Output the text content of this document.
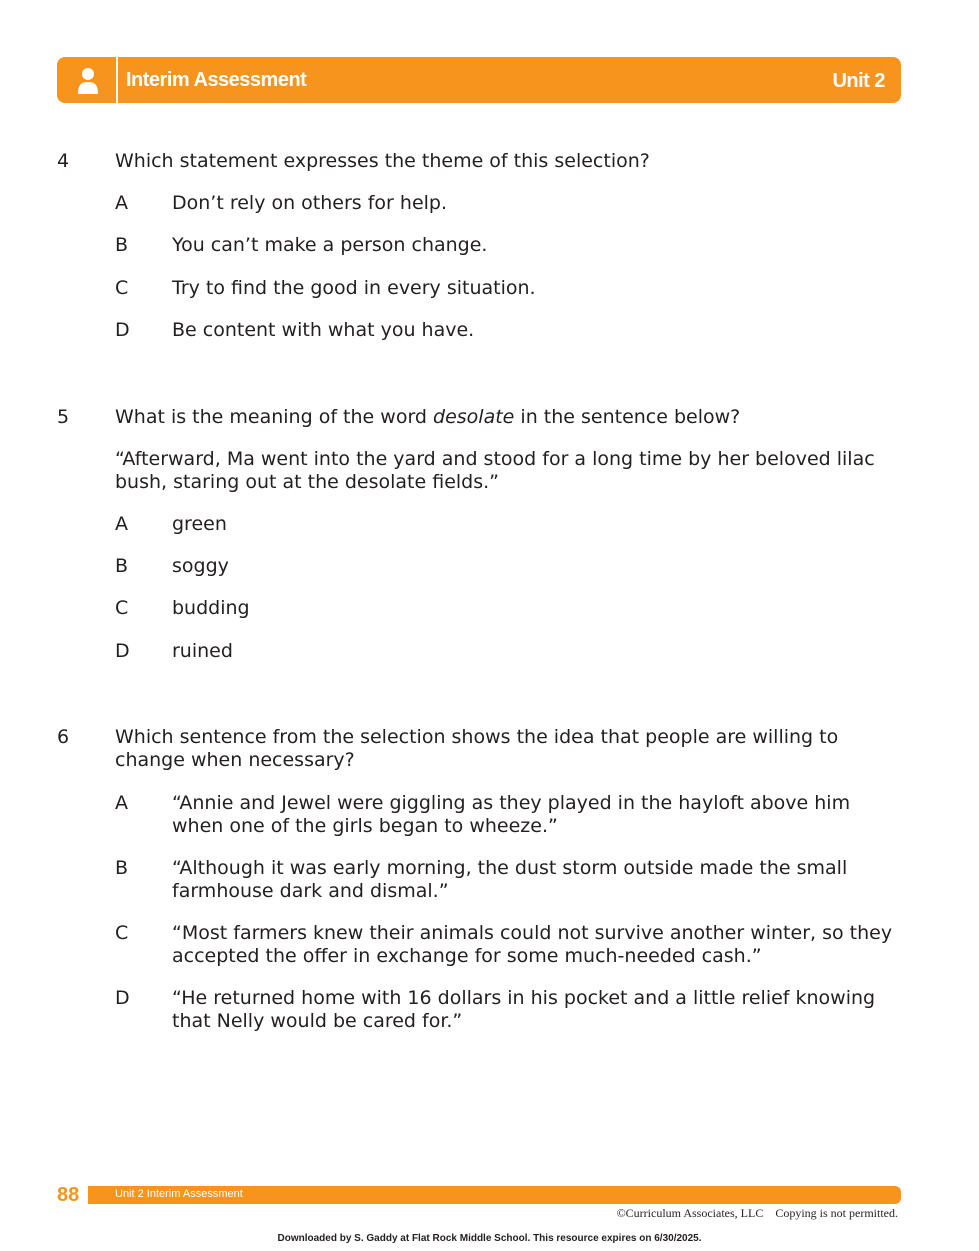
Interim Assessment	Unit 2
4 Which statement expresses the theme of this selection?
A Don’t rely on others for help.
B You can’t make a person change.
C Try to find the good in every situation.
D Be content with what you have.
5 What is the meaning of the word desolate in the sentence below?
“Afterward, Ma went into the yard and stood for a long time by her beloved lilac bush, staring out at the desolate fields.”
A green
B soggy
C budding
D ruined
6 Which sentence from the selection shows the idea that people are willing to change when necessary?
A “Annie and Jewel were giggling as they played in the hayloft above him when one of the girls began to wheeze.”
B “Although it was early morning, the dust storm outside made the small farmhouse dark and dismal.”
C “Most farmers knew their animals could not survive another winter, so they accepted the offer in exchange for some much-needed cash.”
D “He returned home with 16 dollars in his pocket and a little relief knowing that Nelly would be cared for.”
88	Unit 2 Interim Assessment
©Curriculum Associates, LLC    Copying is not permitted.
Downloaded by S. Gaddy at Flat Rock Middle School. This resource expires on 6/30/2025.
